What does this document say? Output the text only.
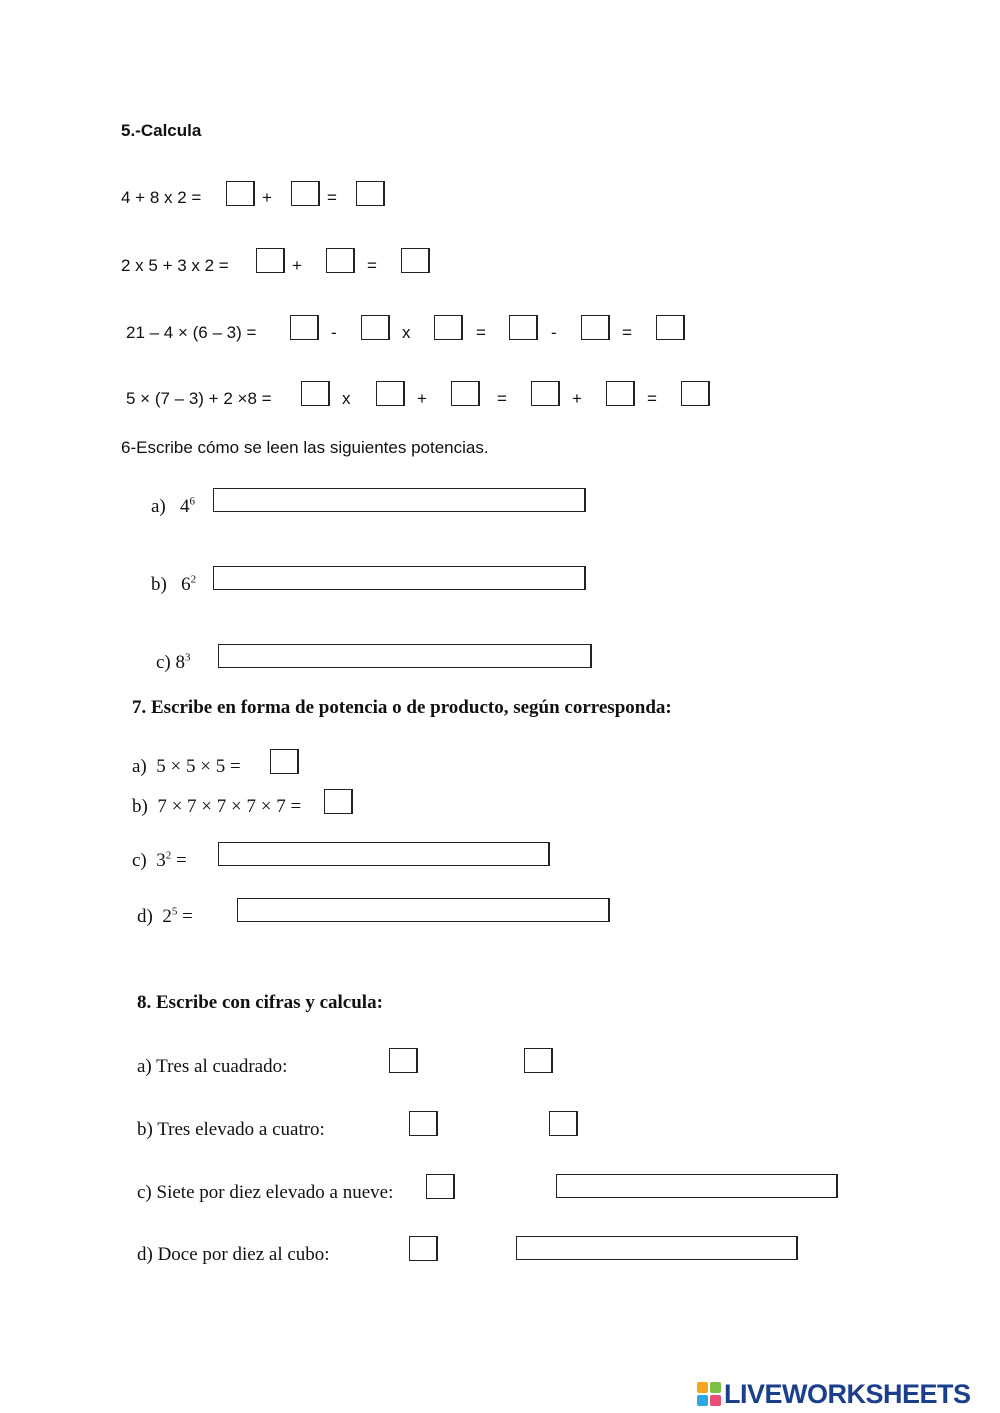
5.-Calcula
4 + 8 x 2 =	+	=
2 x 5 + 3 x 2 =	+	=
21 – 4 × (6 – 3) =	-	x	=	-	=
5 × (7 – 3) + 2 ×8 =	x	+	=	+	=
6-Escribe cómo se leen las siguientes potencias.
a) $4^6$
b) $6^2$
c) $8^3$
7. Escribe en forma de potencia o de producto, según corresponda:
a) 5 × 5 × 5 =
b) 7 × 7 × 7 × 7 × 7 =
c) $3^2$ =
d) $2^5$ =
8. Escribe con cifras y calcula:
a) Tres al cuadrado:
b) Tres elevado a cuatro:
c) Siete por diez elevado a nueve:
d) Doce por diez al cubo:
LIVEWORKSHEETS
